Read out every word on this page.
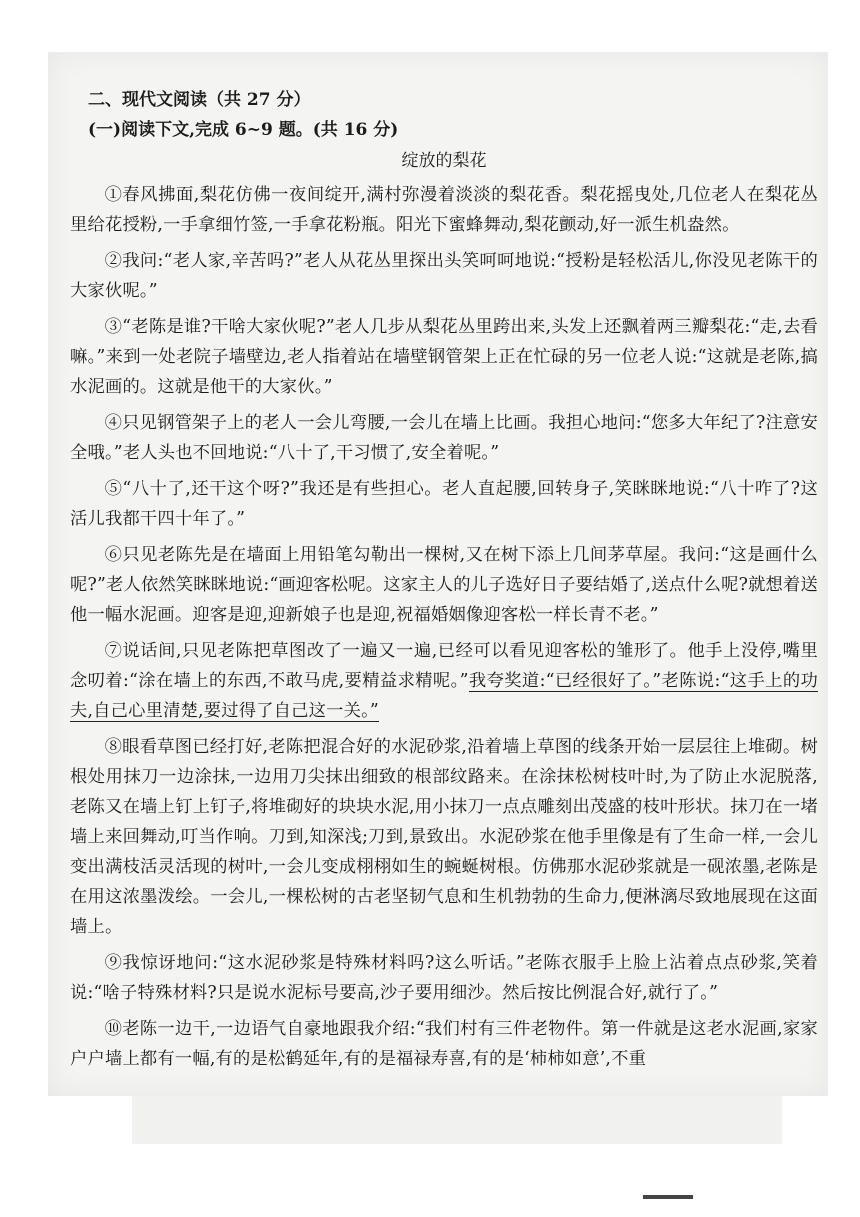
二、现代文阅读（共 27 分）
(一)阅读下文,完成 6~9 题。(共 16 分)
绽放的梨花

①春风拂面,梨花仿佛一夜间绽开,满村弥漫着淡淡的梨花香。梨花摇曳处,几位老人在梨花丛里给花授粉,一手拿细竹签,一手拿花粉瓶。阳光下蜜蜂舞动,梨花颤动,好一派生机盎然。

②我问:“老人家,辛苦吗?”老人从花丛里探出头笑呵呵地说:“授粉是轻松活儿,你没见老陈干的大家伙呢。”

③“老陈是谁?干啥大家伙呢?”老人几步从梨花丛里跨出来,头发上还飘着两三瓣梨花:“走,去看嘛。”来到一处老院子墙壁边,老人指着站在墙壁钢管架上正在忙碌的另一位老人说:“这就是老陈,搞水泥画的。这就是他干的大家伙。”

④只见钢管架子上的老人一会儿弯腰,一会儿在墙上比画。我担心地问:“您多大年纪了?注意安全哦。”老人头也不回地说:“八十了,干习惯了,安全着呢。”

⑤“八十了,还干这个呀?”我还是有些担心。老人直起腰,回转身子,笑眯眯地说:“八十咋了?这活儿我都干四十年了。”

⑥只见老陈先是在墙面上用铅笔勾勒出一棵树,又在树下添上几间茅草屋。我问:“这是画什么呢?”老人依然笑眯眯地说:“画迎客松呢。这家主人的儿子选好日子要结婚了,送点什么呢?就想着送他一幅水泥画。迎客是迎,迎新娘子也是迎,祝福婚姻像迎客松一样长青不老。”

⑦说话间,只见老陈把草图改了一遍又一遍,已经可以看见迎客松的雏形了。他手上没停,嘴里念叨着:“涂在墙上的东西,不敢马虎,要精益求精呢。”我夸奖道:“已经很好了。”老陈说:“这手上的功夫,自己心里清楚,要过得了自己这一关。”

⑧眼看草图已经打好,老陈把混合好的水泥砂浆,沿着墙上草图的线条开始一层层往上堆砌。树根处用抹刀一边涂抹,一边用刀尖抹出细致的根部纹路来。在涂抹松树枝叶时,为了防止水泥脱落,老陈又在墙上钉上钉子,将堆砌好的块块水泥,用小抹刀一点点雕刻出茂盛的枝叶形状。抹刀在一堵墙上来回舞动,叮当作响。刀到,知深浅;刀到,景致出。水泥砂浆在他手里像是有了生命一样,一会儿变出满枝活灵活现的树叶,一会儿变成栩栩如生的蜿蜒树根。仿佛那水泥砂浆就是一砚浓墨,老陈是在用这浓墨泼绘。一会儿,一棵松树的古老坚韧气息和生机勃勃的生命力,便淋漓尽致地展现在这面墙上。

⑨我惊讶地问:“这水泥砂浆是特殊材料吗?这么听话。”老陈衣服手上脸上沾着点点砂浆,笑着说:“啥子特殊材料?只是说水泥标号要高,沙子要用细沙。然后按比例混合好,就行了。”

⑩老陈一边干,一边语气自豪地跟我介绍:“我们村有三件老物件。第一件就是这老水泥画,家家户户墙上都有一幅,有的是松鹤延年,有的是福禄寿喜,有的是‘柿柿如意’,不重
